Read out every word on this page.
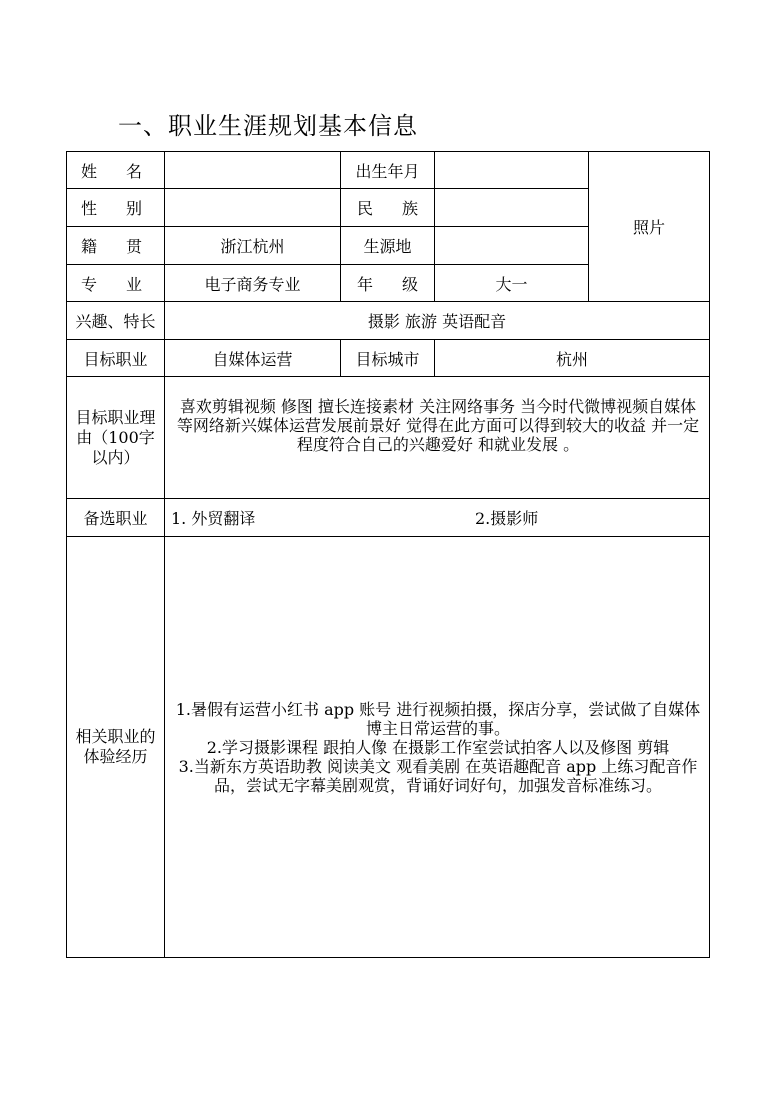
一、职业生涯规划基本信息
姓 名		出生年月		照片

性 别		民 族		

籍 贯	浙江杭州	生源地		

专 业	电子商务专业	年 级	大一	
兴趣、特长	摄影 旅游 英语配音			
目标职业	自媒体运营	目标城市	杭州	
目标职业理由（100字以内）	喜欢剪辑视频 修图 擅长连接素材 关注网络事务 当今时代微博视频自媒体等网络新兴媒体运营发展前景好 觉得在此方面可以得到较大的收益 并一定程度符合自己的兴趣爱好 和就业发展 。			
备选职业	1. 外贸翻译 2.摄影师			

相关职业的体验经历	1.暑假有运营小红书 app 账号 进行视频拍摄，探店分享，尝试做了自媒体博主日常运营的事。
2.学习摄影课程 跟拍人像 在摄影工作室尝试拍客人以及修图 剪辑
3.当新东方英语助教 阅读美文 观看美剧 在英语趣配音 app 上练习配音作品，尝试无字幕美剧观赏，背诵好词好句，加强发音标准练习。			
